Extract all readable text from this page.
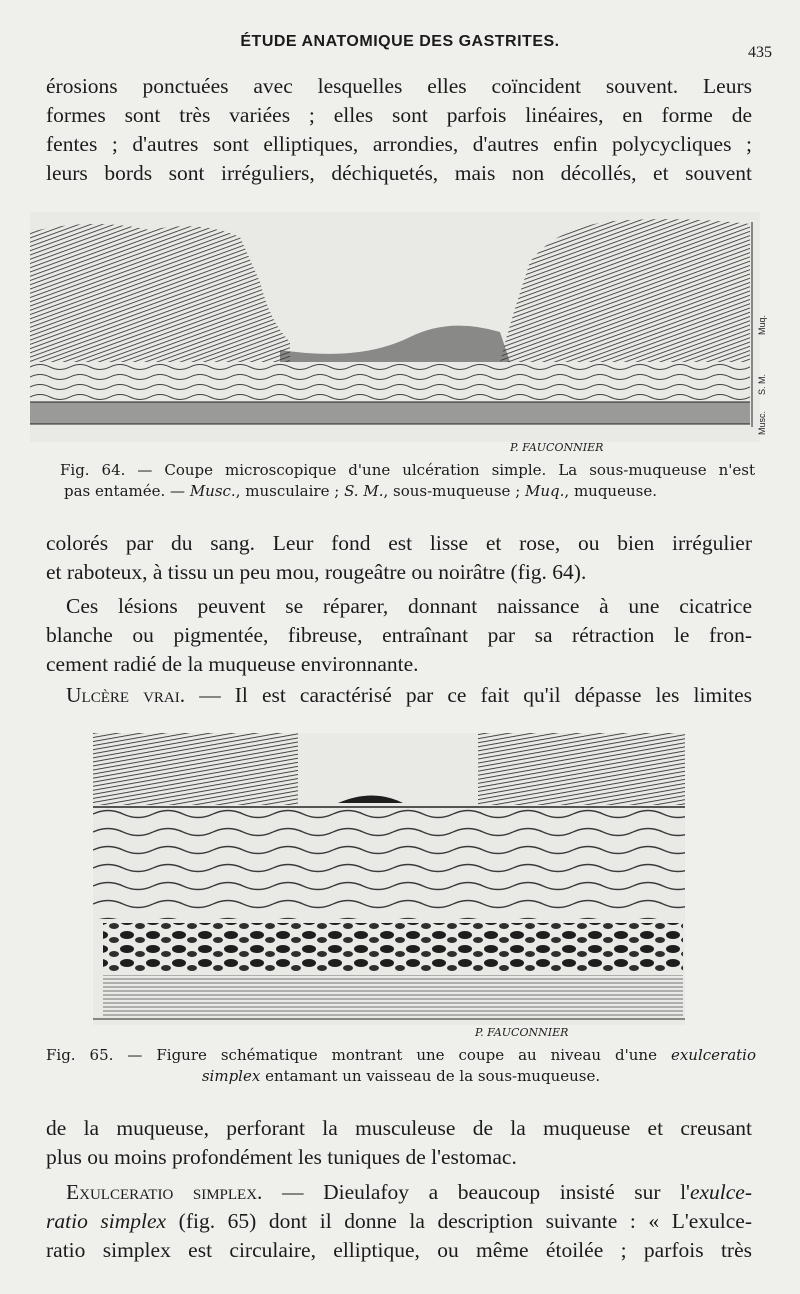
ÉTUDE ANATOMIQUE DES GASTRITES.
435
érosions ponctuées avec lesquelles elles coïncident souvent. Leurs
formes sont très variées ; elles sont parfois linéaires, en forme de
fentes ; d'autres sont elliptiques, arrondies, d'autres enfin polycycliques ;
leurs bords sont irréguliers, déchiquetés, mais non décollés, et souvent
P. FAUCONNIER
Muq.
S. M.
Musc.
Fig. 64. — Coupe microscopique d'une ulcération simple. La sous-muqueuse n'est
pas entamée. — Musc., musculaire ; S. M., sous-muqueuse ; Muq., muqueuse.
colorés par du sang. Leur fond est lisse et rose, ou bien irrégulier
et raboteux, à tissu un peu mou, rougeâtre ou noirâtre (fig. 64).
Ces lésions peuvent se réparer, donnant naissance à une cicatrice
blanche ou pigmentée, fibreuse, entraînant par sa rétraction le fron-
cement radié de la muqueuse environnante.
Ulcère vrai. — Il est caractérisé par ce fait qu'il dépasse les limites
P. FAUCONNIER
Fig. 65. — Figure schématique montrant une coupe au niveau d'une exulceratio
simplex entamant un vaisseau de la sous-muqueuse.
de la muqueuse, perforant la musculeuse de la muqueuse et creusant
plus ou moins profondément les tuniques de l'estomac.
Exulceratio simplex. — Dieulafoy a beaucoup insisté sur l'exulce-
ratio simplex (fig. 65) dont il donne la description suivante : « L'exulce-
ratio simplex est circulaire, elliptique, ou même étoilée ; parfois très
